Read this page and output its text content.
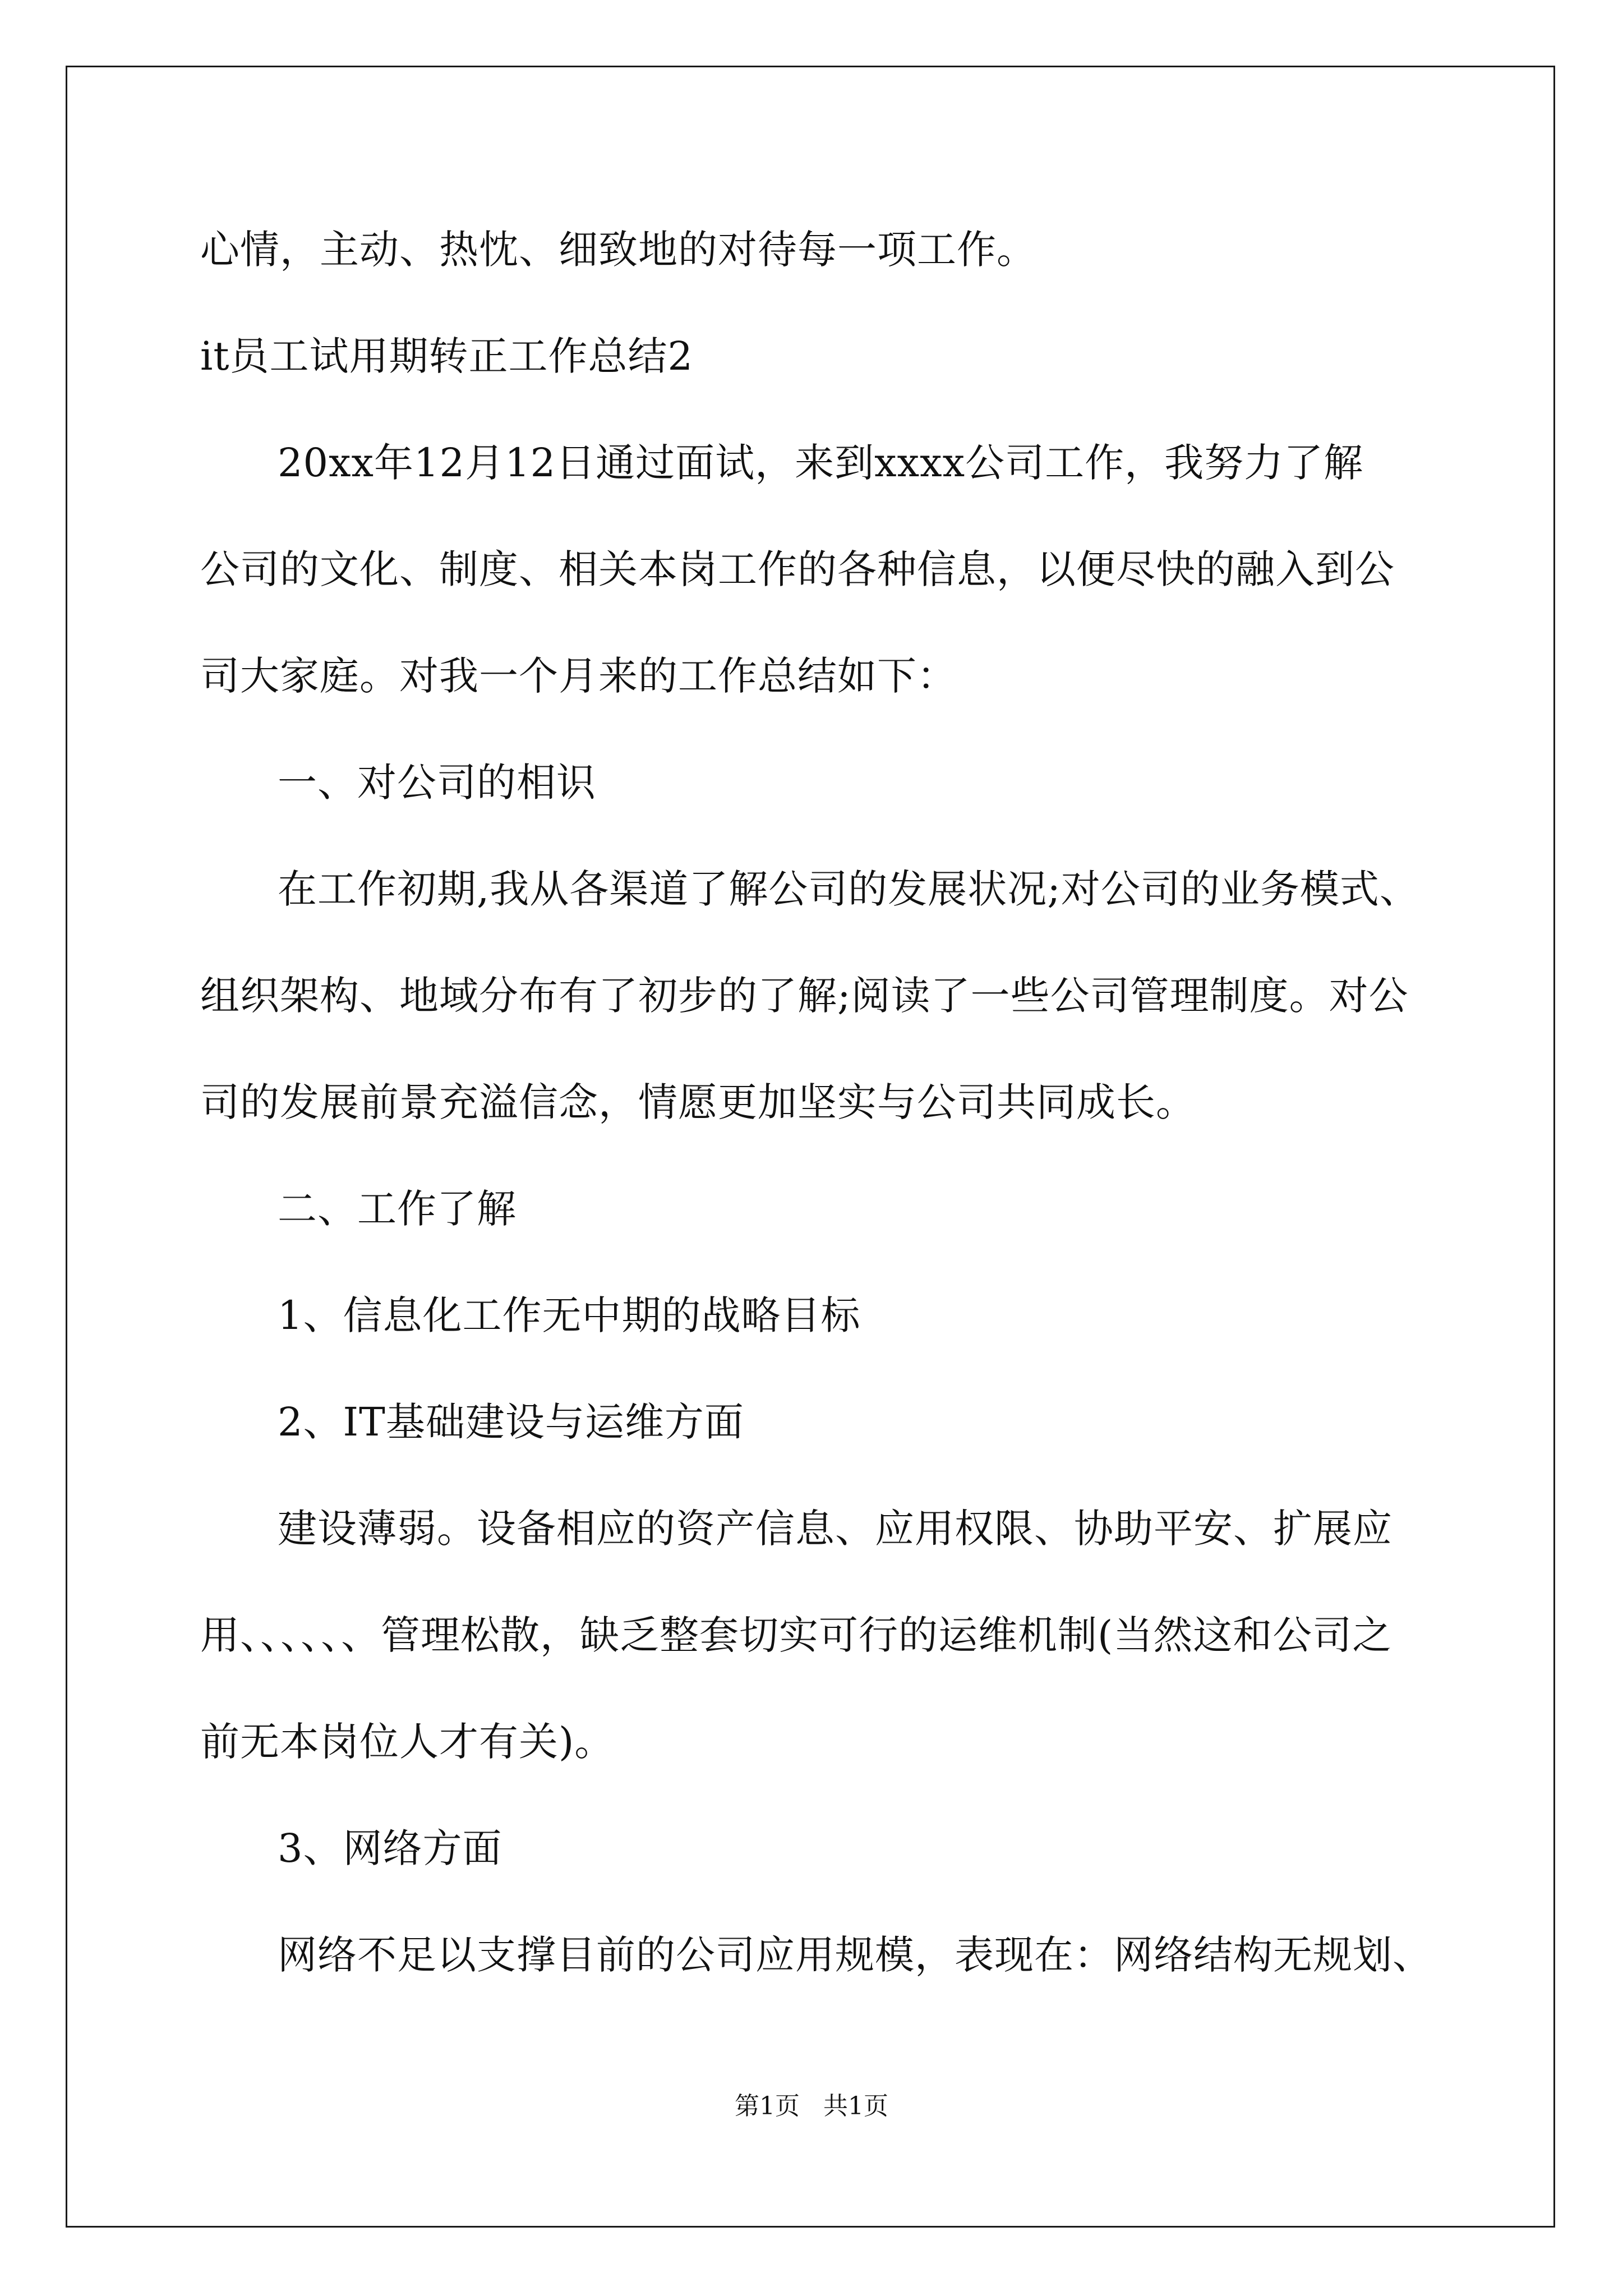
心情，主动、热忱、细致地的对待每一项工作。
it员工试用期转正工作总结2
20xx年12月12日通过面试，来到xxxx公司工作，我努力了解
公司的文化、制度、相关本岗工作的各种信息，以便尽快的融入到公
司大家庭。对我一个月来的工作总结如下：
一、对公司的相识
在工作初期,我从各渠道了解公司的发展状况;对公司的业务模式、
组织架构、地域分布有了初步的了解;阅读了一些公司管理制度。对公
司的发展前景充溢信念，情愿更加坚实与公司共同成长。
二、工作了解
1、信息化工作无中期的战略目标
2、IT基础建设与运维方面
建设薄弱。设备相应的资产信息、应用权限、协助平安、扩展应
用、、、、、、管理松散，缺乏整套切实可行的运维机制(当然这和公司之
前无本岗位人才有关)。
3、网络方面
网络不足以支撑目前的公司应用规模，表现在：网络结构无规划、
第1页   共1页
